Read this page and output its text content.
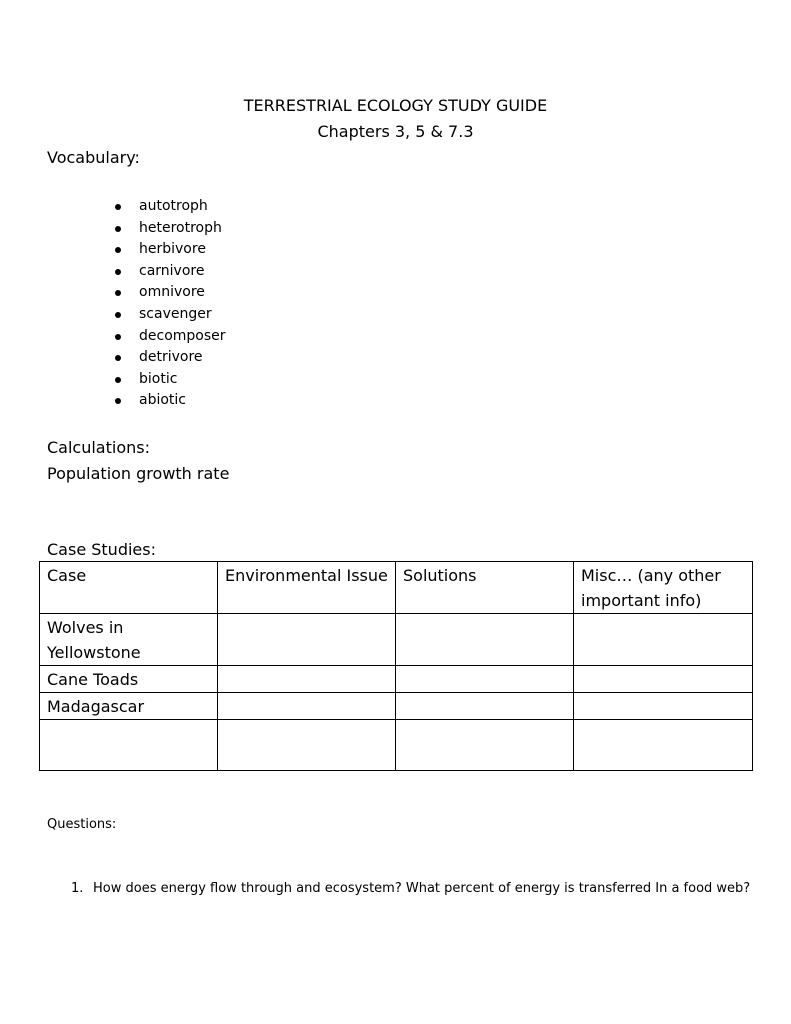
TERRESTRIAL ECOLOGY STUDY GUIDE
Chapters 3, 5 & 7.3
Vocabulary:
autotroph
heterotroph
herbivore
carnivore
omnivore
scavenger
decomposer
detrivore
biotic
abiotic
Calculations:
Population growth rate
Case Studies:
Case	Environmental Issue	Solutions	Misc… (any other important info)
Wolves in Yellowstone			
Cane Toads			
Madagascar			

Questions:
1. How does energy flow through and ecosystem? What percent of energy is transferred In a food web?
